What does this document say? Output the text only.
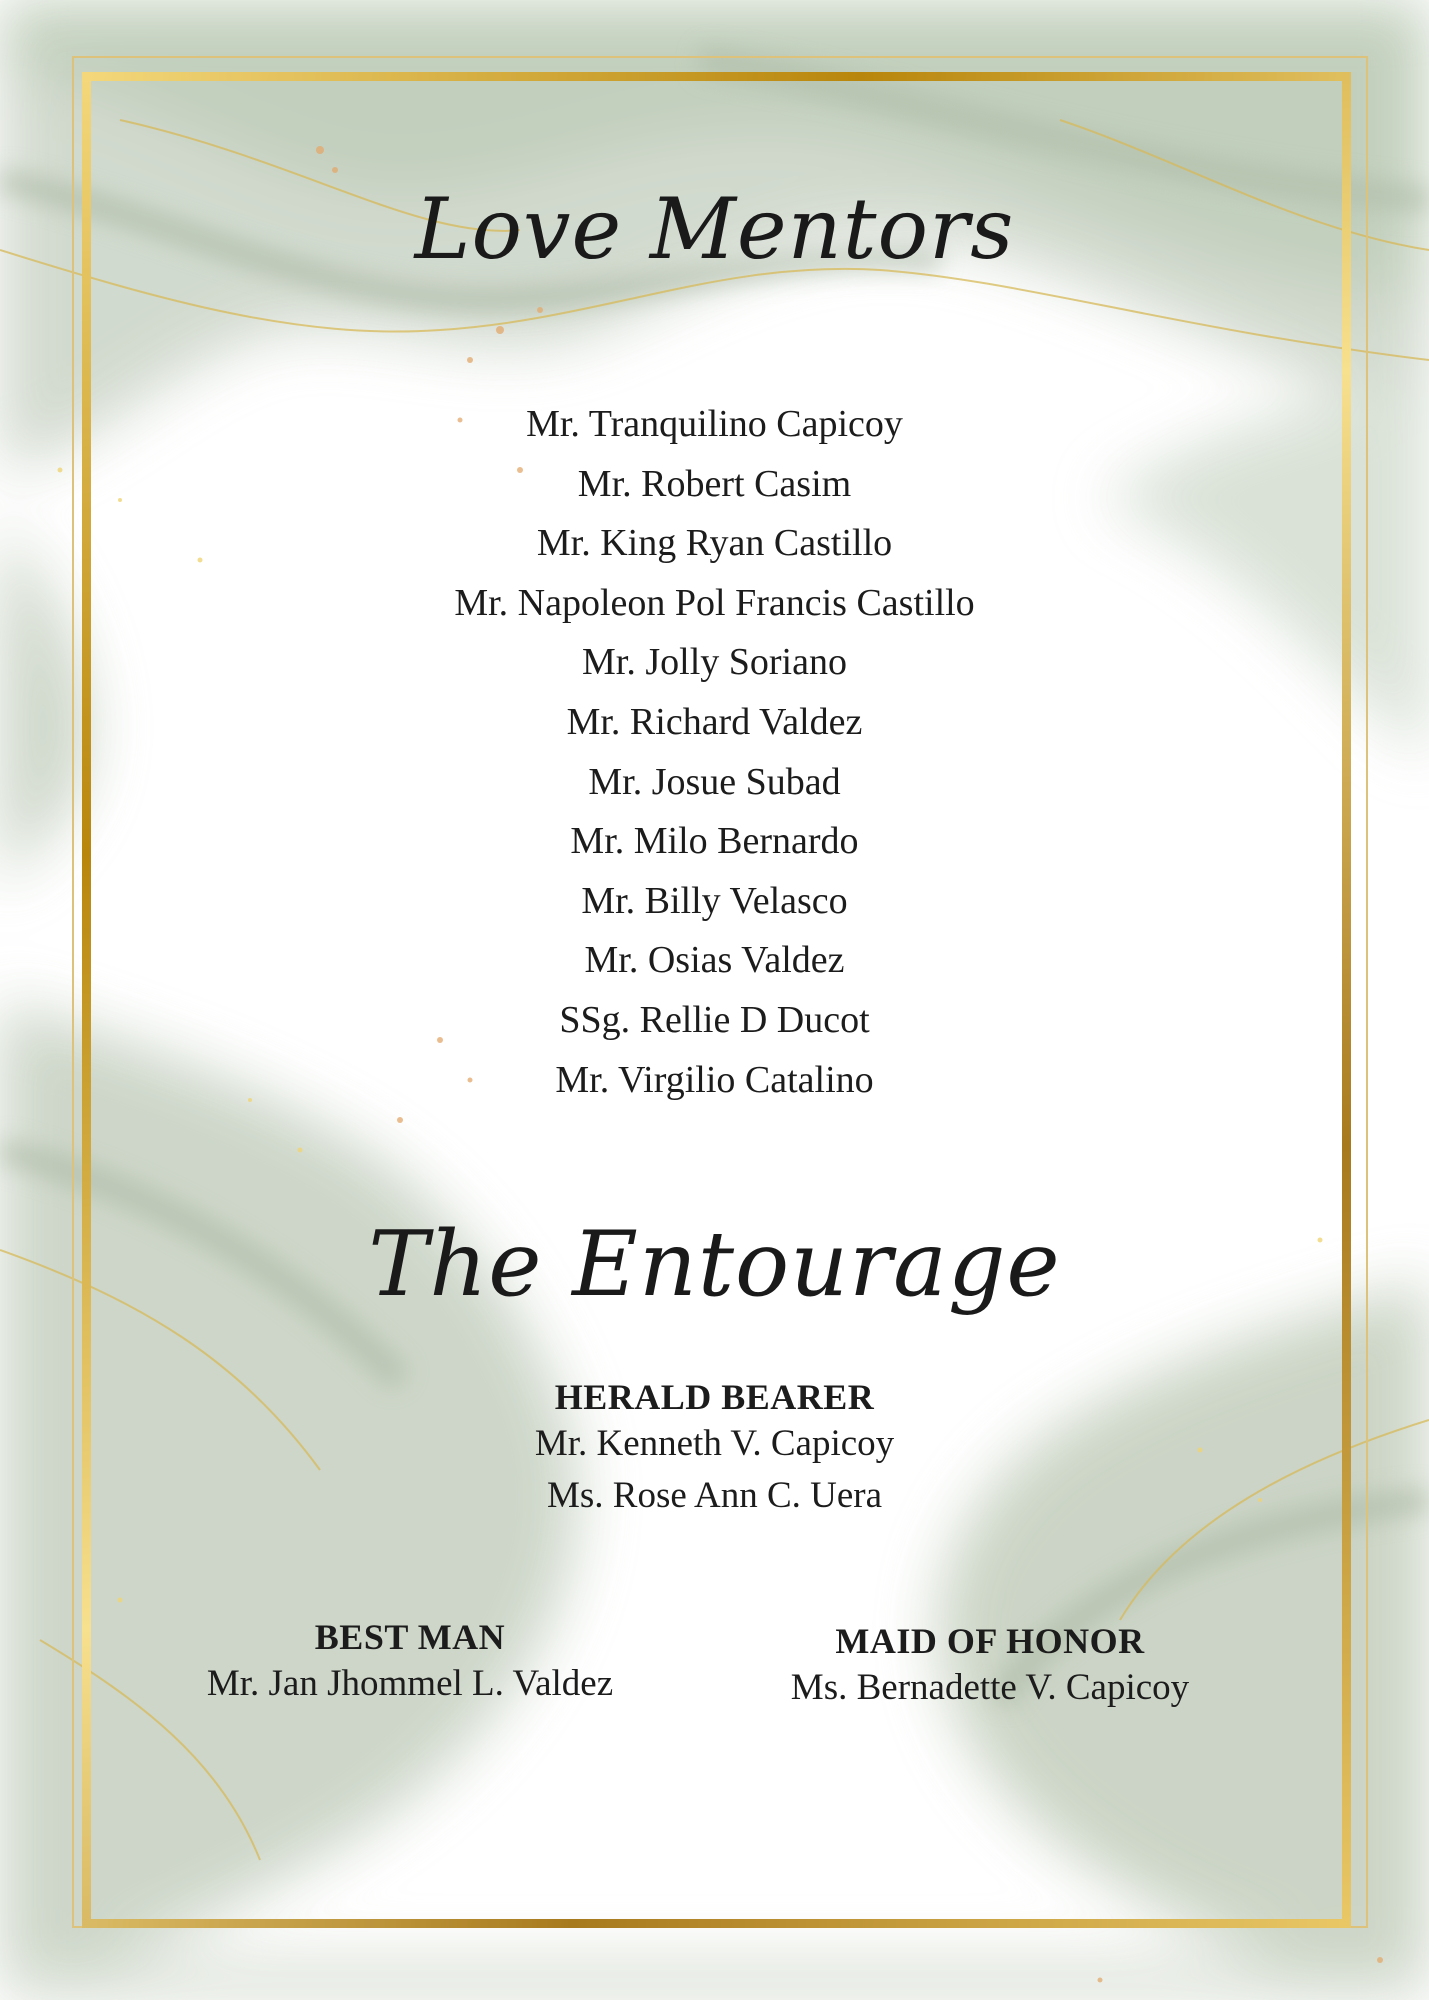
Love Mentors
Mr. Tranquilino Capicoy
Mr. Robert Casim
Mr. King Ryan Castillo
Mr. Napoleon Pol Francis Castillo
Mr. Jolly Soriano
Mr. Richard Valdez
Mr. Josue Subad
Mr. Milo Bernardo
Mr. Billy Velasco
Mr. Osias Valdez
SSg. Rellie D Ducot
Mr. Virgilio Catalino
The Entourage
HERALD BEARER
Mr. Kenneth V. Capicoy
Ms. Rose Ann C. Uera
BEST MAN
Mr. Jan Jhommel L. Valdez
MAID OF HONOR
Ms. Bernadette V. Capicoy
